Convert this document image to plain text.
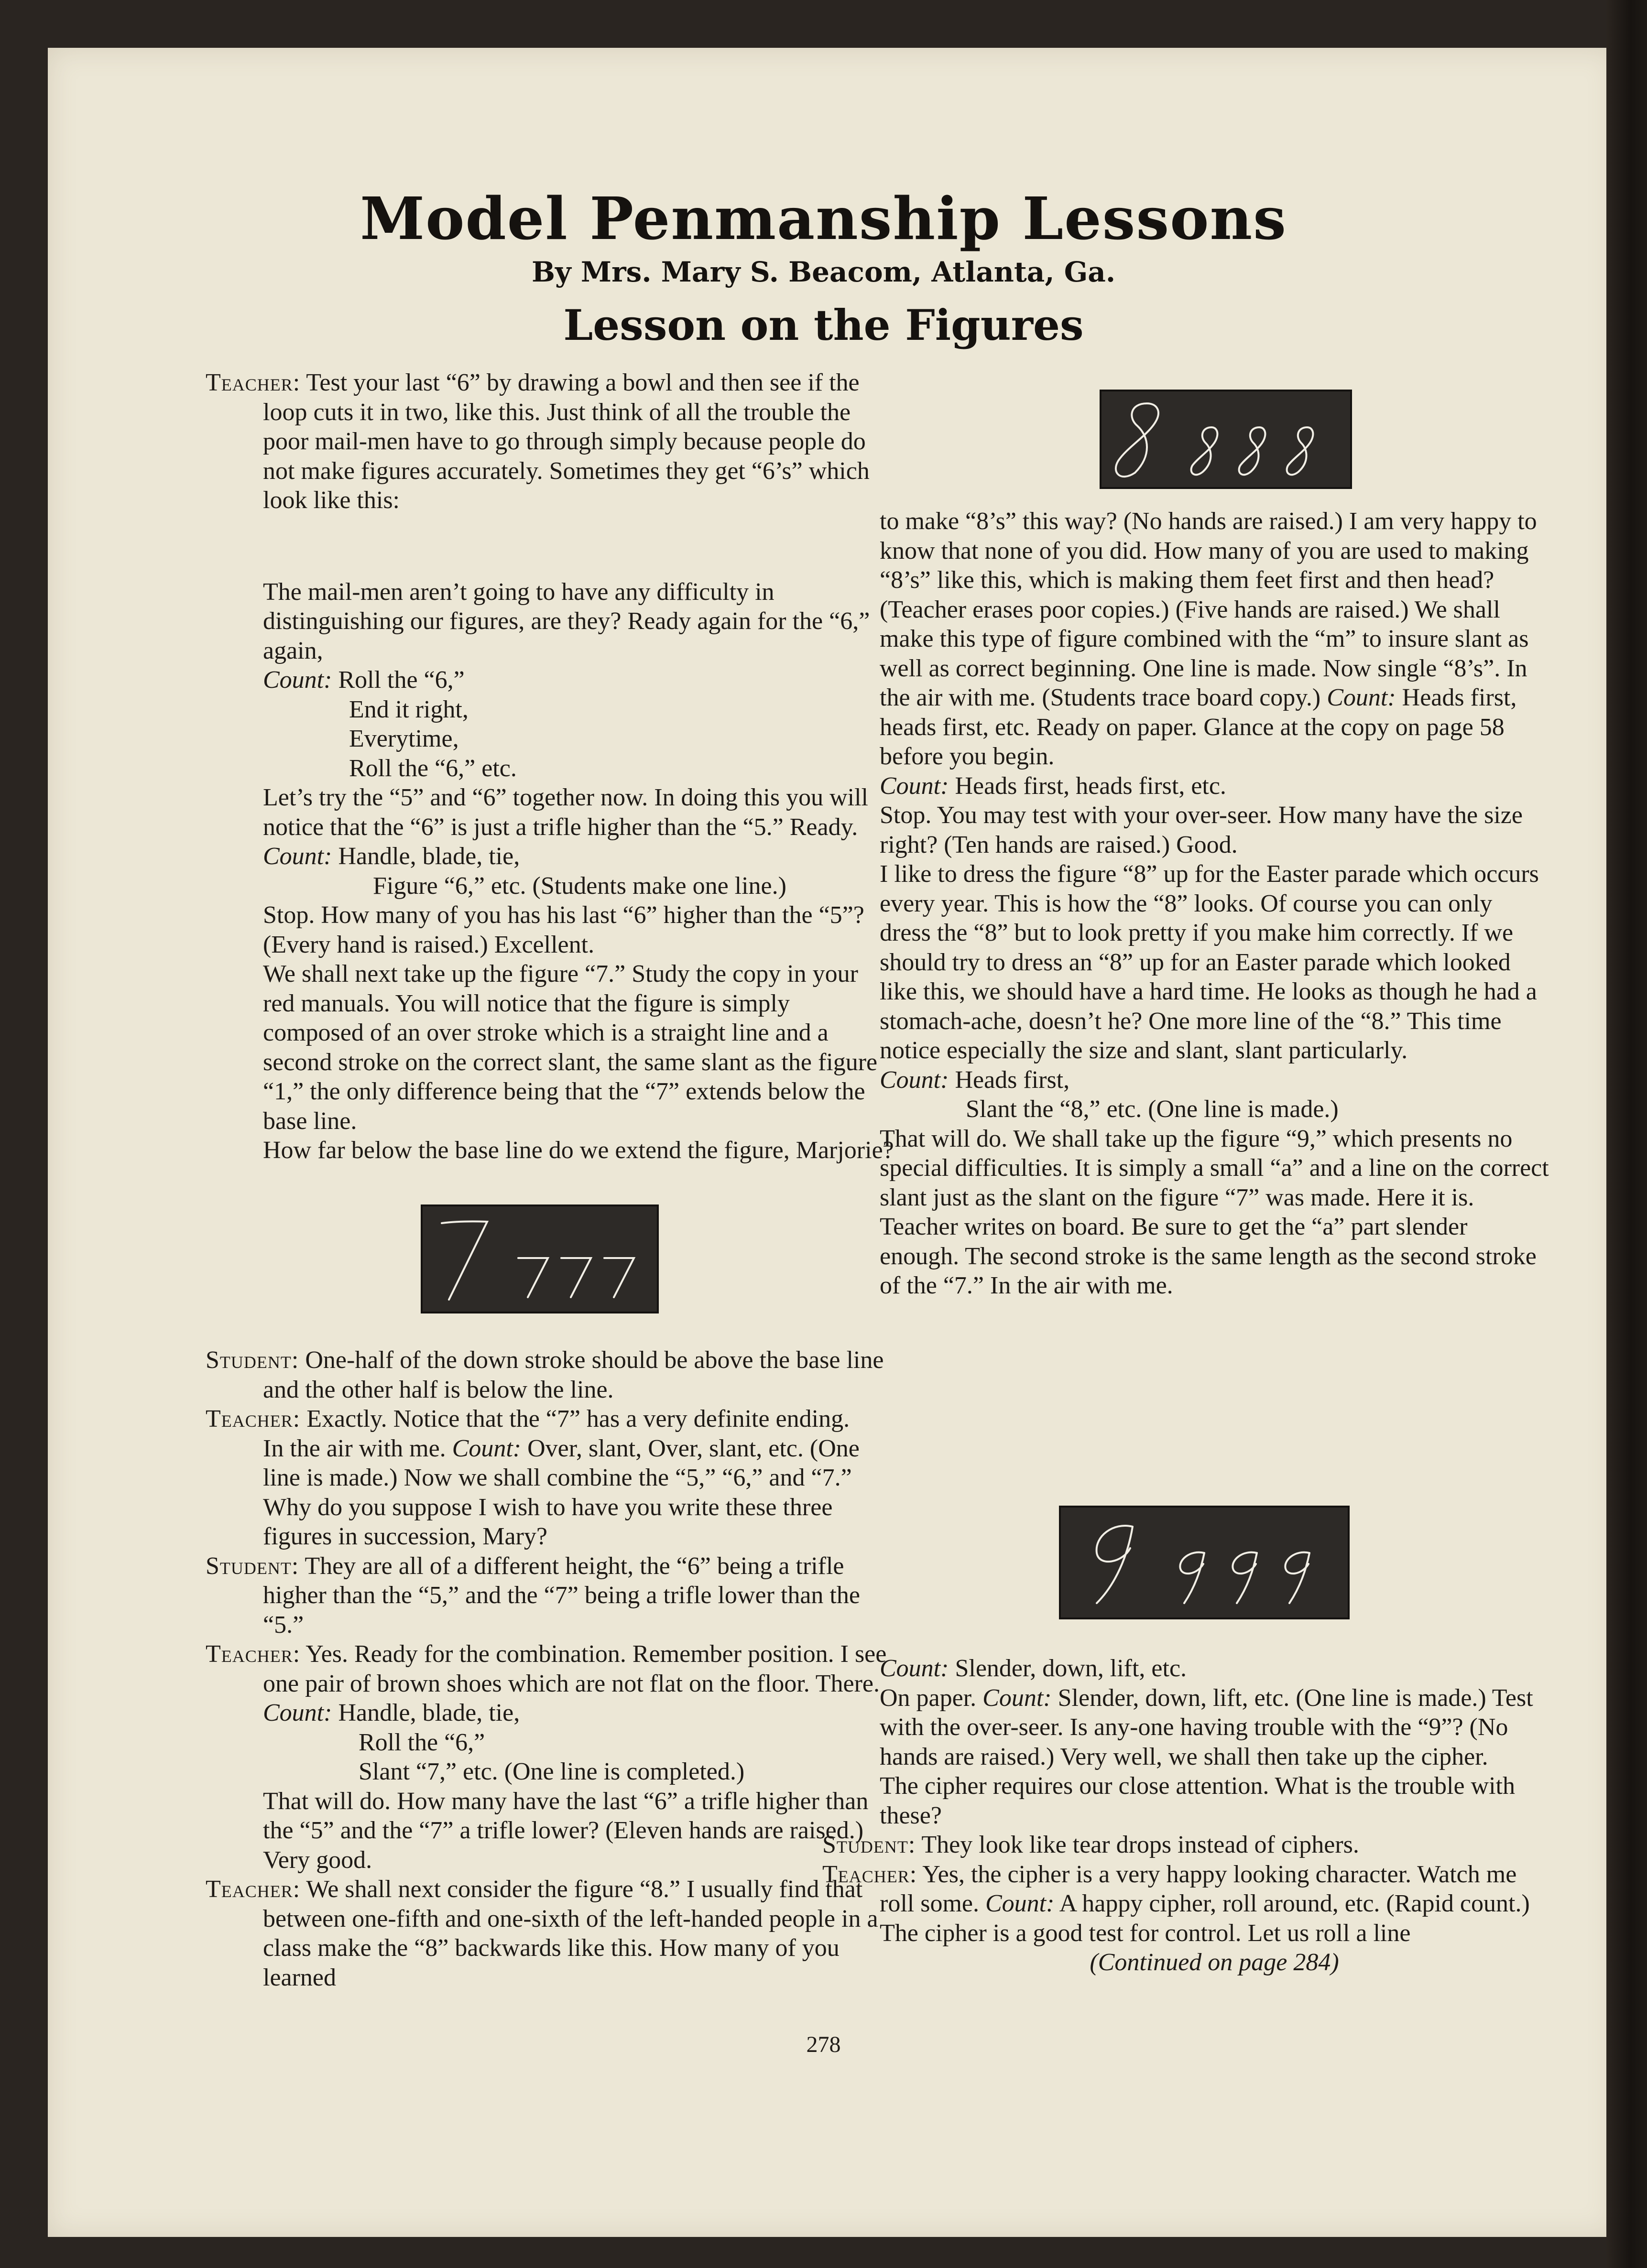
Model Penmanship Lessons
By Mrs. Mary S. Beacom, Atlanta, Ga.
Lesson on the Figures

Teacher: Test your last “6” by drawing a bowl and then see if the loop cuts it in two, like this. Just think of all the trouble the poor mail-men have to go through simply because people do not make figures accurately. Sometimes they get “6’s” which look like this:

The mail-men aren’t going to have any difficulty in distinguishing our figures, are they? Ready again for the “6,” again,

Count: Roll the “6,”

End it right,

Everytime,

Roll the “6,” etc.

Let’s try the “5” and “6” together now. In doing this you will notice that the “6” is just a trifle higher than the “5.” Ready.

Count: Handle, blade, tie,

Figure “6,” etc. (Students make one line.)

Stop. How many of you has his last “6” higher than the “5”? (Every hand is raised.) Excellent.

We shall next take up the figure “7.” Study the copy in your red manuals. You will notice that the figure is simply composed of an over stroke which is a straight line and a second stroke on the correct slant, the same slant as the figure “1,” the only difference being that the “7” extends below the base line.

How far below the base line do we extend the figure, Marjorie?

Student: One-half of the down stroke should be above the base line and the other half is below the line.

Teacher: Exactly. Notice that the “7” has a very definite ending.

In the air with me. Count: Over, slant, Over, slant, etc. (One line is made.) Now we shall combine the “5,” “6,” and “7.” Why do you suppose I wish to have you write these three figures in succession, Mary?

Student: They are all of a different height, the “6” being a trifle higher than the “5,” and the “7” being a trifle lower than the “5.”

Teacher: Yes. Ready for the combination. Remember position. I see one pair of brown shoes which are not flat on the floor. There.

Count: Handle, blade, tie,

Roll the “6,”

Slant “7,” etc. (One line is completed.)

That will do. How many have the last “6” a trifle higher than the “5” and the “7” a trifle lower? (Eleven hands are raised.) Very good.

Teacher: We shall next consider the figure “8.” I usually find that between one-fifth and one-sixth of the left-handed people in a class make the “8” backwards like this. How many of you learned

to make “8’s” this way? (No hands are raised.) I am very happy to know that none of you did. How many of you are used to making “8’s” like this, which is making them feet first and then head? (Teacher erases poor copies.) (Five hands are raised.) We shall make this type of figure combined with the “m” to insure slant as well as correct beginning. One line is made. Now single “8’s”. In the air with me. (Students trace board copy.) Count: Heads first, heads first, etc. Ready on paper. Glance at the copy on page 58 before you begin.

Count: Heads first, heads first, etc.

Stop. You may test with your over-seer. How many have the size right? (Ten hands are raised.) Good.

I like to dress the figure “8” up for the Easter parade which occurs every year. This is how the “8” looks. Of course you can only dress the “8” but to look pretty if you make him correctly. If we should try to dress an “8” up for an Easter parade which looked like this, we should have a hard time. He looks as though he had a stomach-ache, doesn’t he? One more line of the “8.” This time notice especially the size and slant, slant particularly.

Count: Heads first,

Slant the “8,” etc. (One line is made.)

That will do. We shall take up the figure “9,” which presents no special difficulties. It is simply a small “a” and a line on the correct slant just as the slant on the figure “7” was made. Here it is. Teacher writes on board. Be sure to get the “a” part slender enough. The second stroke is the same length as the second stroke of the “7.” In the air with me.

Count: Slender, down, lift, etc.

On paper. Count: Slender, down, lift, etc. (One line is made.) Test with the over-seer. Is any-one having trouble with the “9”? (No hands are raised.) Very well, we shall then take up the cipher.

The cipher requires our close attention. What is the trouble with these?

Student: They look like tear drops instead of ciphers.

Teacher: Yes, the cipher is a very happy looking character. Watch me roll some. Count: A happy cipher, roll around, etc. (Rapid count.) The cipher is a good test for control. Let us roll a line

(Continued on page 284)

278
